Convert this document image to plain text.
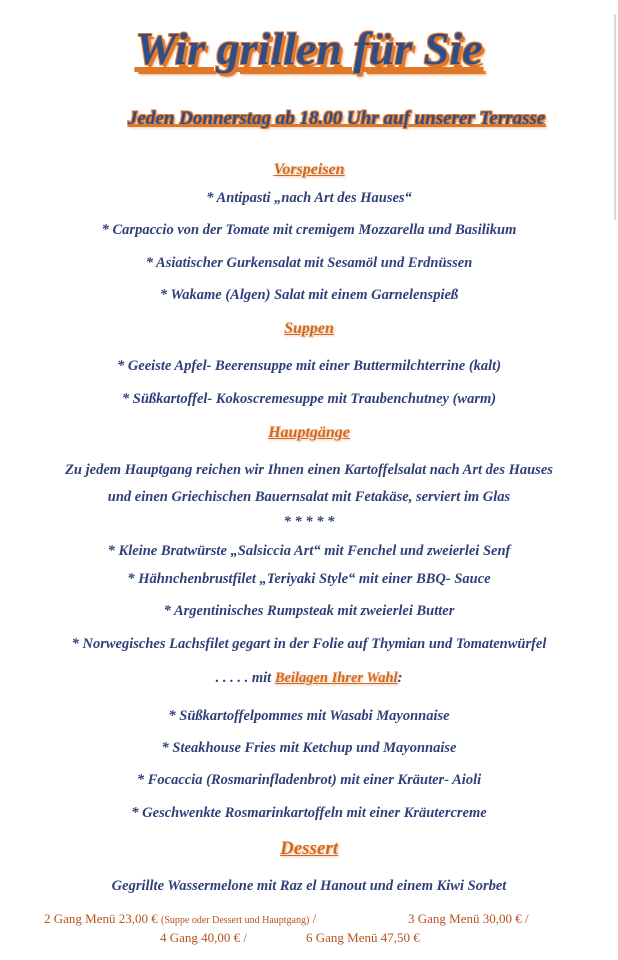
Wir grillen für Sie
Jeden Donnerstag ab 18.00 Uhr auf unserer Terrasse
Vorspeisen
* Antipasti „nach Art des Hauses“
* Carpaccio von der Tomate mit cremigem Mozzarella und Basilikum
* Asiatischer Gurkensalat mit Sesamöl und Erdnüssen
* Wakame (Algen) Salat mit einem Garnelenspieß
Suppen
* Geeiste Apfel- Beerensuppe mit einer Buttermilchterrine (kalt)
* Süßkartoffel- Kokoscremesuppe mit Traubenchutney (warm)
Hauptgänge
Zu jedem Hauptgang reichen wir Ihnen einen Kartoffelsalat nach Art des Hauses
und einen Griechischen Bauernsalat mit Fetakäse, serviert im Glas
* * * * *
* Kleine Bratwürste „Salsiccia Art“ mit Fenchel und zweierlei Senf
* Hähnchenbrustfilet „Teriyaki Style“ mit einer BBQ- Sauce
* Argentinisches Rumpsteak mit zweierlei Butter
* Norwegisches Lachsfilet gegart in der Folie auf Thymian und Tomatenwürfel
. . . . . mit Beilagen Ihrer Wahl:
* Süßkartoffelpommes mit Wasabi Mayonnaise
* Steakhouse Fries mit Ketchup und Mayonnaise
* Focaccia (Rosmarinfladenbrot) mit einer Kräuter- Aioli
* Geschwenkte Rosmarinkartoffeln mit einer Kräutercreme
Dessert
Gegrillte Wassermelone mit Raz el Hanout und einem Kiwi Sorbet
2 Gang Menü 23,00 € (Suppe oder Dessert und Hauptgang) /	3 Gang Menü 30,00 € /
4 Gang 40,00 € /	6 Gang Menü 47,50 €
